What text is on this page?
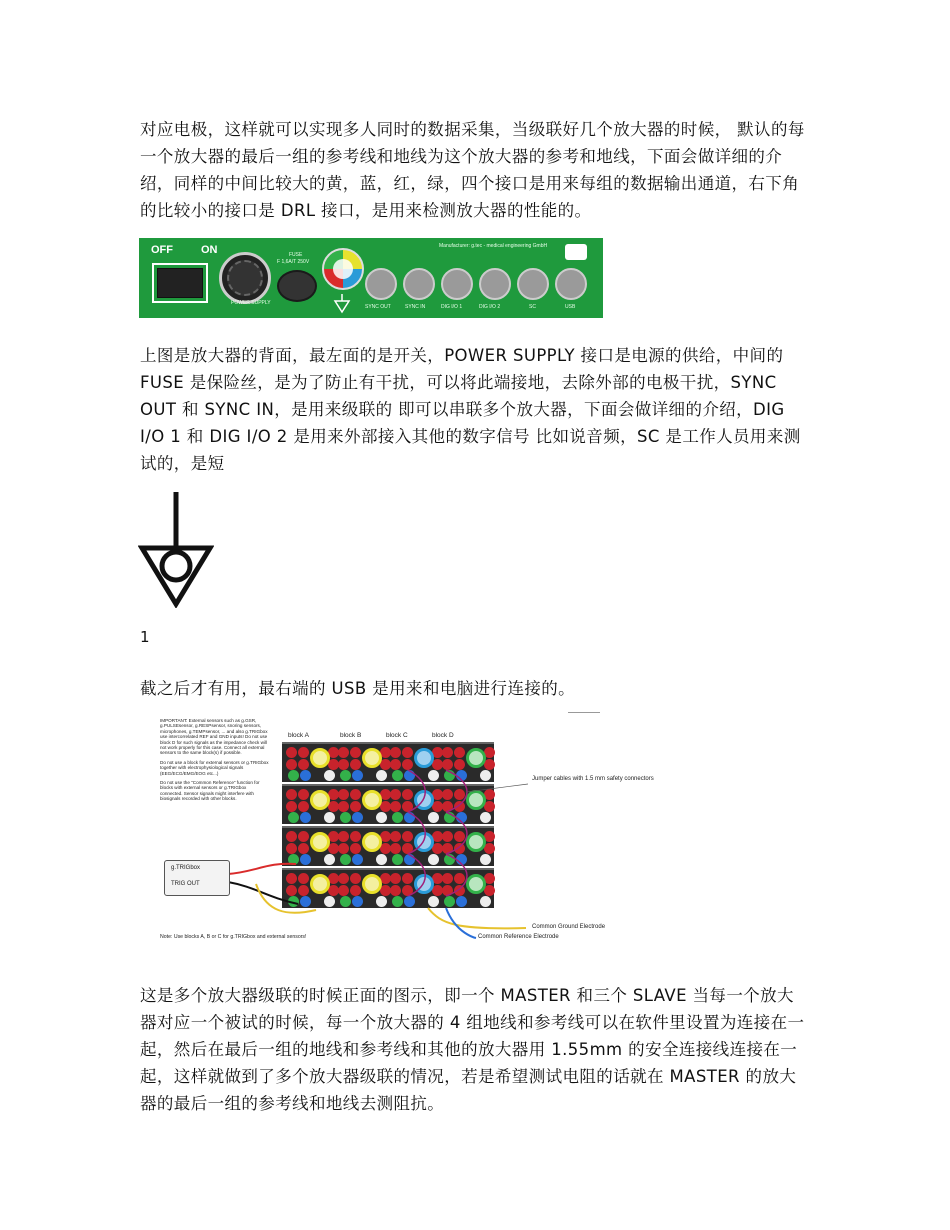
对应电极，这样就可以实现多人同时的数据采集，当级联好几个放大器的时候， 默认的每一个放大器的最后一组的参考线和地线为这个放大器的参考和地线，下面会做详细的介绍，同样的中间比较大的黄，蓝，红，绿，四个接口是用来每组的数据输出通道，右下角的比较小的接口是 DRL 接口，是用来检测放大器的性能的。

OFF	ON
POWER SUPPLY
FUSE
F 1,6A/T 250V
Manufacturer: g.tec - medical engineering GmbH
SYNC OUT	SYNC IN	DIG I/O 1	DIG I/O 2	SC	USB

上图是放大器的背面，最左面的是开关，POWER SUPPLY 接口是电源的供给，中间的 FUSE 是保险丝，是为了防止有干扰，可以将此端接地，去除外部的电极干扰，SYNC OUT 和 SYNC IN，是用来级联的 即可以串联多个放大器，下面会做详细的介绍，DIG I/O 1 和 DIG I/O 2 是用来外部接入其他的数字信号 比如说音频，SC 是工作人员用来测试的，是短

1

截之后才有用，最右端的 USB 是用来和电脑进行连接的。

IMPORTANT: External sensors such as g.GSR, g.PULSEsensor, g.RESPsensor, snoring sensors, microphones, g.TEMPsensor, ... and also g.TRIGbox use intercorrelated REF and GND inputs! Do not use block D for such signals as the impedance check will not work properly for this case. Connect all external sensors to the same block(s) if possible.
Do not use a block for external sensors or g.TRIGbox together with electrophysiological signals (EEG/ECG/EMG/EOG etc...)
Do not use the "Common Reference" function for blocks with external sensors or g.TRIGbox connected. Sensor signals might interfere with biosignals recorded with other blocks.
block A	block B	block C	block D
Jumper cables with 1.5 mm safety connectors
Common Ground Electrode
Common Reference Electrode
g.TRIGbox
TRIG OUT
Note: Use blocks A, B or C for g.TRIGbox and external sensors!

这是多个放大器级联的时候正面的图示，即一个 MASTER 和三个 SLAVE 当每一个放大器对应一个被试的时候，每一个放大器的 4 组地线和参考线可以在软件里设置为连接在一起，然后在最后一组的地线和参考线和其他的放大器用 1.55mm 的安全连接线连接在一起，这样就做到了多个放大器级联的情况，若是希望测试电阻的话就在 MASTER 的放大器的最后一组的参考线和地线去测阻抗。
